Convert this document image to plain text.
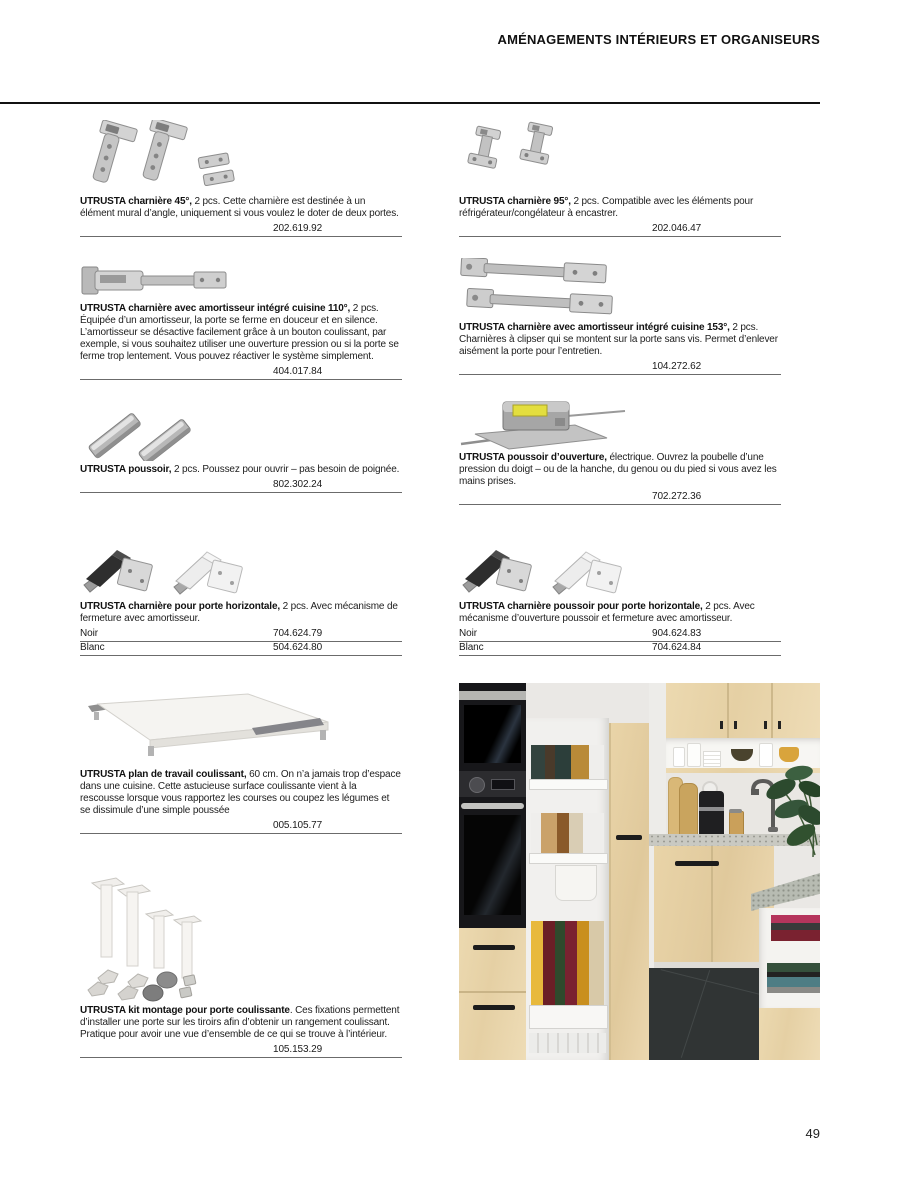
AMÉNAGEMENTS INTÉRIEURS ET ORGANISEURS

UTRUSTA charnière 45°, 2 pcs. Cette charnière est destinée à un élément mural d’angle, uniquement si vous voulez le doter de deux portes.

202.619.92

UTRUSTA charnière 95°, 2 pcs. Compatible avec les éléments pour réfrigérateur/congélateur à encastrer.

202.046.47

UTRUSTA charnière avec amortisseur intégré cuisine 110°, 2 pcs. Équipée d’un amortisseur, la porte se ferme en douceur et en silence. L’amortisseur se désactive facilement grâce à un bouton coulissant, par exemple, si vous souhaitez utiliser une ouverture pression ou si la porte se ferme trop lentement. Vous pouvez réactiver le système simplement.

404.017.84

UTRUSTA charnière avec amortisseur intégré cuisine 153°, 2 pcs. Charnières à clipser qui se montent sur la porte sans vis. Permet d’enlever aisément la porte pour l’entretien.

104.272.62

UTRUSTA poussoir, 2 pcs. Poussez pour ouvrir – pas besoin de poignée.

802.302.24

UTRUSTA poussoir d’ouverture, électrique. Ouvrez la poubelle d’une pression du doigt – ou de la hanche, du genou ou du pied si vous avez les mains prises.

702.272.36

UTRUSTA charnière pour porte horizontale, 2 pcs. Avec mécanisme de fermeture avec amortisseur.

Noir	704.624.79
Blanc	504.624.80

UTRUSTA charnière poussoir pour porte horizontale, 2 pcs. Avec mécanisme d’ouverture poussoir et fermeture avec amortisseur.

Noir	904.624.83
Blanc	704.624.84

UTRUSTA plan de travail coulissant, 60 cm. On n’a jamais trop d’espace dans une cuisine. Cette astucieuse surface coulissante vient à la rescousse lorsque vous rapportez les courses ou coupez les légumes et se dissimule d’une simple poussée

005.105.77

UTRUSTA kit montage pour porte coulissante. Ces fixations permettent d’installer une porte sur les tiroirs afin d’obtenir un rangement coulissant. Pratique pour avoir une vue d’ensemble de ce qui se trouve à l’intérieur.

105.153.29
49
